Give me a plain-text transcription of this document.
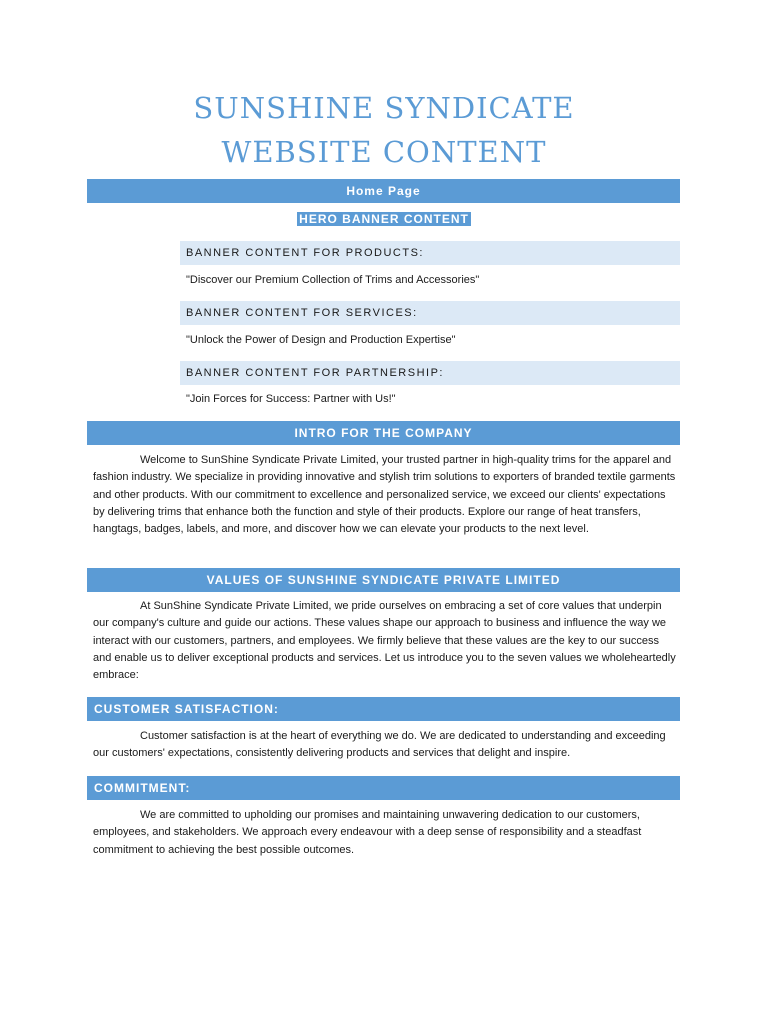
SUNSHINE SYNDICATE WEBSITE CONTENT
Home Page
HERO BANNER CONTENT
BANNER CONTENT FOR PRODUCTS:
"Discover our Premium Collection of Trims and Accessories"
BANNER CONTENT FOR SERVICES:
"Unlock the Power of Design and Production Expertise"
BANNER CONTENT FOR PARTNERSHIP:
"Join Forces for Success: Partner with Us!"
INTRO FOR THE COMPANY

Welcome to SunShine Syndicate Private Limited, your trusted partner in high-quality trims for the apparel and fashion industry. We specialize in providing innovative and stylish trim solutions to exporters of branded textile garments and other products. With our commitment to excellence and personalized service, we exceed our clients' expectations by delivering trims that enhance both the function and style of their products. Explore our range of heat transfers, hangtags, badges, labels, and more, and discover how we can elevate your products to the next level.

VALUES OF SUNSHINE SYNDICATE PRIVATE LIMITED

At SunShine Syndicate Private Limited, we pride ourselves on embracing a set of core values that underpin our company's culture and guide our actions. These values shape our approach to business and influence the way we interact with our customers, partners, and employees. We firmly believe that these values are the key to our success and enable us to deliver exceptional products and services. Let us introduce you to the seven values we wholeheartedly embrace:

CUSTOMER SATISFACTION:

Customer satisfaction is at the heart of everything we do. We are dedicated to understanding and exceeding our customers' expectations, consistently delivering products and services that delight and inspire.

COMMITMENT:

We are committed to upholding our promises and maintaining unwavering dedication to our customers, employees, and stakeholders. We approach every endeavour with a deep sense of responsibility and a steadfast commitment to achieving the best possible outcomes.
